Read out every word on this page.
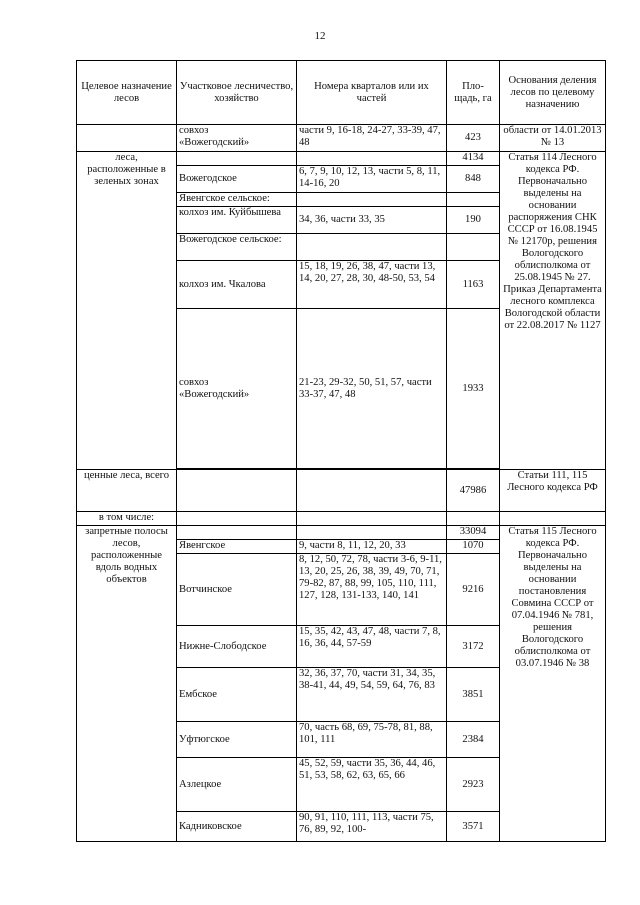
12
Целевое назначение лесов	Участковое лесничество, хозяйство	Номера кварталов или их частей	Пло-
щадь, га	Основания деления лесов по целевому назначению
	совхоз
«Вожегодский»	части 9, 16-18, 24-27, 33-39, 47, 48	423	области от 14.01.2013 № 13
леса, расположенные в зеленых зонах			4134	Статья 114 Лесного кодекса РФ.
Первоначально выделены на основании распоряжения СНК СССР от 16.08.1945 № 12170р, решения Вологодского облисполкома от 25.08.1945 № 27.
Приказ Департамента лесного комплекса Вологодской области от 22.08.2017 № 1127
	Вожегодское	6, 7, 9, 10, 12, 13, части 5, 8, 11, 14-16, 20	848	
	Явенгское сельское:			
	колхоз им. Куйбышева	34, 36, части 33, 35	190	
	Вожегодское сельское:			
	колхоз им. Чкалова	15, 18, 19, 26, 38, 47, части 13, 14, 20, 27, 28, 30, 48-50, 53, 54	1163	
	совхоз
«Вожегодский»	21-23, 29-32, 50, 51, 57, части 33-37, 47, 48	1933	

ценные леса, всего			47986	Статьи 111, 115 Лесного кодекса РФ
в том числе:				
запретные полосы лесов, расположенные вдоль водных объектов			33094	Статья 115 Лесного кодекса РФ.
Первоначально выделены на основании постановления Совмина СССР от 07.04.1946 № 781, решения Вологодского облисполкома от 03.07.1946 № 38
	Явенгское	9, части 8, 11, 12, 20, 33	1070	
	Вотчинское	8, 12, 50, 72, 78, части 3-6, 9-11, 13, 20, 25, 26, 38, 39, 49, 70, 71, 79-82, 87, 88, 99, 105, 110, 111, 127, 128, 131-133, 140, 141	9216	
	Нижне-Слободское	15, 35, 42, 43, 47, 48, части 7, 8, 16, 36, 44, 57-59	3172	
	Ембское	32, 36, 37, 70, части 31, 34, 35, 38-41, 44, 49, 54, 59, 64, 76, 83	3851	
	Уфтюгское	70, часть 68, 69, 75-78, 81, 88, 101, 111	2384	
	Азлецкое	45, 52, 59, части 35, 36, 44, 46, 51, 53, 58, 62, 63, 65, 66	2923	
	Кадниковское	90, 91, 110, 111, 113, части 75, 76, 89, 92, 100-	3571	
